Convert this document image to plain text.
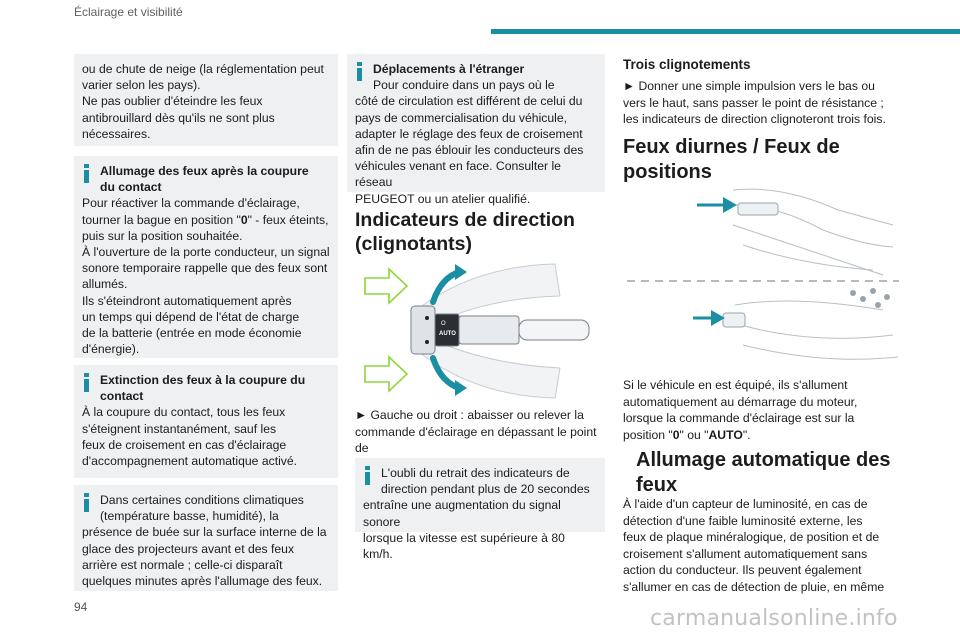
Éclairage et visibilité
ou de chute de neige (la réglementation peut
varier selon les pays).
Ne pas oublier d'éteindre les feux
antibrouillard dès qu'ils ne sont plus
nécessaires.
Allumage des feux après la coupure
du contact
Pour réactiver la commande d'éclairage,
tourner la bague en position "0" - feux éteints,
puis sur la position souhaitée.
À l'ouverture de la porte conducteur, un signal
sonore temporaire rappelle que des feux sont
allumés.
Ils s'éteindront automatiquement après
un temps qui dépend de l'état de charge
de la batterie (entrée en mode économie
d'énergie).
Extinction des feux à la coupure du
contact
À la coupure du contact, tous les feux
s'éteignent instantanément, sauf les
feux de croisement en cas d'éclairage
d'accompagnement automatique activé.
Dans certaines conditions climatiques
(température basse, humidité), la
présence de buée sur la surface interne de la
glace des projecteurs avant et des feux
arrière est normale ; celle-ci disparaît
quelques minutes après l'allumage des feux.
Déplacements à l'étranger
Pour conduire dans un pays où le
côté de circulation est différent de celui du
pays de commercialisation du véhicule,
adapter le réglage des feux de croisement
afin de ne pas éblouir les conducteurs des
véhicules venant en face. Consulter le réseau
PEUGEOT ou un atelier qualifié.
Indicateurs de direction
(clignotants)
O
AUTO
► Gauche ou droit : abaisser ou relever la
commande d'éclairage en dépassant le point de

L'oubli du retrait des indicateurs de
direction pendant plus de 20 secondes
entraîne une augmentation du signal sonore
lorsque la vitesse est supérieure à 80 km/h.
Trois clignotements
► Donner une simple impulsion vers le bas ou
vers le haut, sans passer le point de résistance ;
les indicateurs de direction clignoteront trois fois.
Feux diurnes / Feux de
positions
Si le véhicule en est équipé, ils s'allument
automatiquement au démarrage du moteur,
lorsque la commande d'éclairage est sur la
position "0" ou "AUTO".
Allumage automatique des
feux
À l'aide d'un capteur de luminosité, en cas de
détection d'une faible luminosité externe, les
feux de plaque minéralogique, de position et de
croisement s'allument automatiquement sans
action du conducteur. Ils peuvent également
s'allumer en cas de détection de pluie, en même
94	carmanualsonline.info
